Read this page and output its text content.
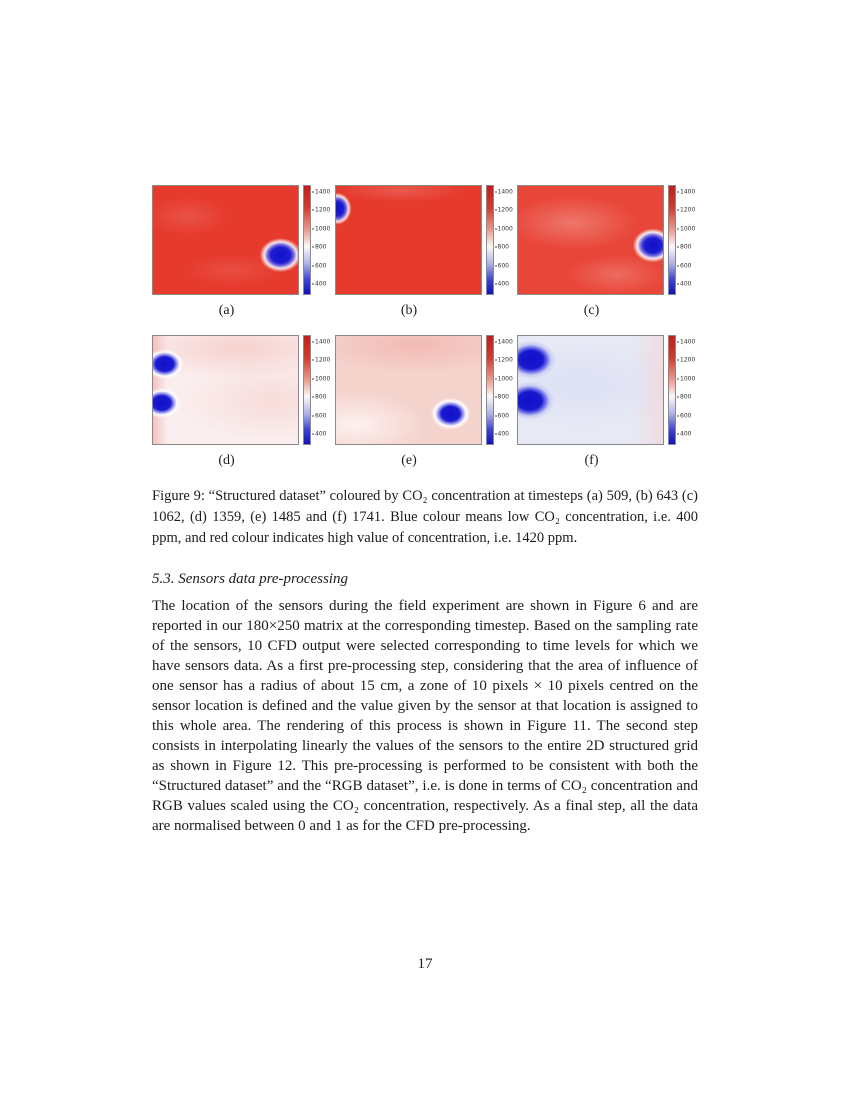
1400
1200
1000
800
600
400
(a)
1400
1200
1000
800
600
400
(b)
1400
1200
1000
800
600
400
(c)
1400
1200
1000
800
600
400
(d)
1400
1200
1000
800
600
400
(e)
1400
1200
1000
800
600
400
(f)
Figure 9: “Structured dataset” coloured by CO₂ concentration at timesteps (a) 509, (b) 643 (c) 1062, (d) 1359, (e) 1485 and (f) 1741. Blue colour means low CO₂ concentration, i.e. 400 ppm, and red colour indicates high value of concentration, i.e. 1420 ppm.
5.3. Sensors data pre-processing
The location of the sensors during the field experiment are shown in Figure 6 and are reported in our 180×250 matrix at the corresponding timestep. Based on the sampling rate of the sensors, 10 CFD output were selected corresponding to time levels for which we have sensors data. As a first pre-processing step, considering that the area of influence of one sensor has a radius of about 15 cm, a zone of 10 pixels × 10 pixels centred on the sensor location is defined and the value given by the sensor at that location is assigned to this whole area. The rendering of this process is shown in Figure 11. The second step consists in interpolating linearly the values of the sensors to the entire 2D structured grid as shown in Figure 12. This pre-processing is performed to be consistent with both the “Structured dataset” and the “RGB dataset”, i.e. is done in terms of CO₂ concentration and RGB values scaled using the CO₂ concentration, respectively. As a final step, all the data are normalised between 0 and 1 as for the CFD pre-processing.
17
